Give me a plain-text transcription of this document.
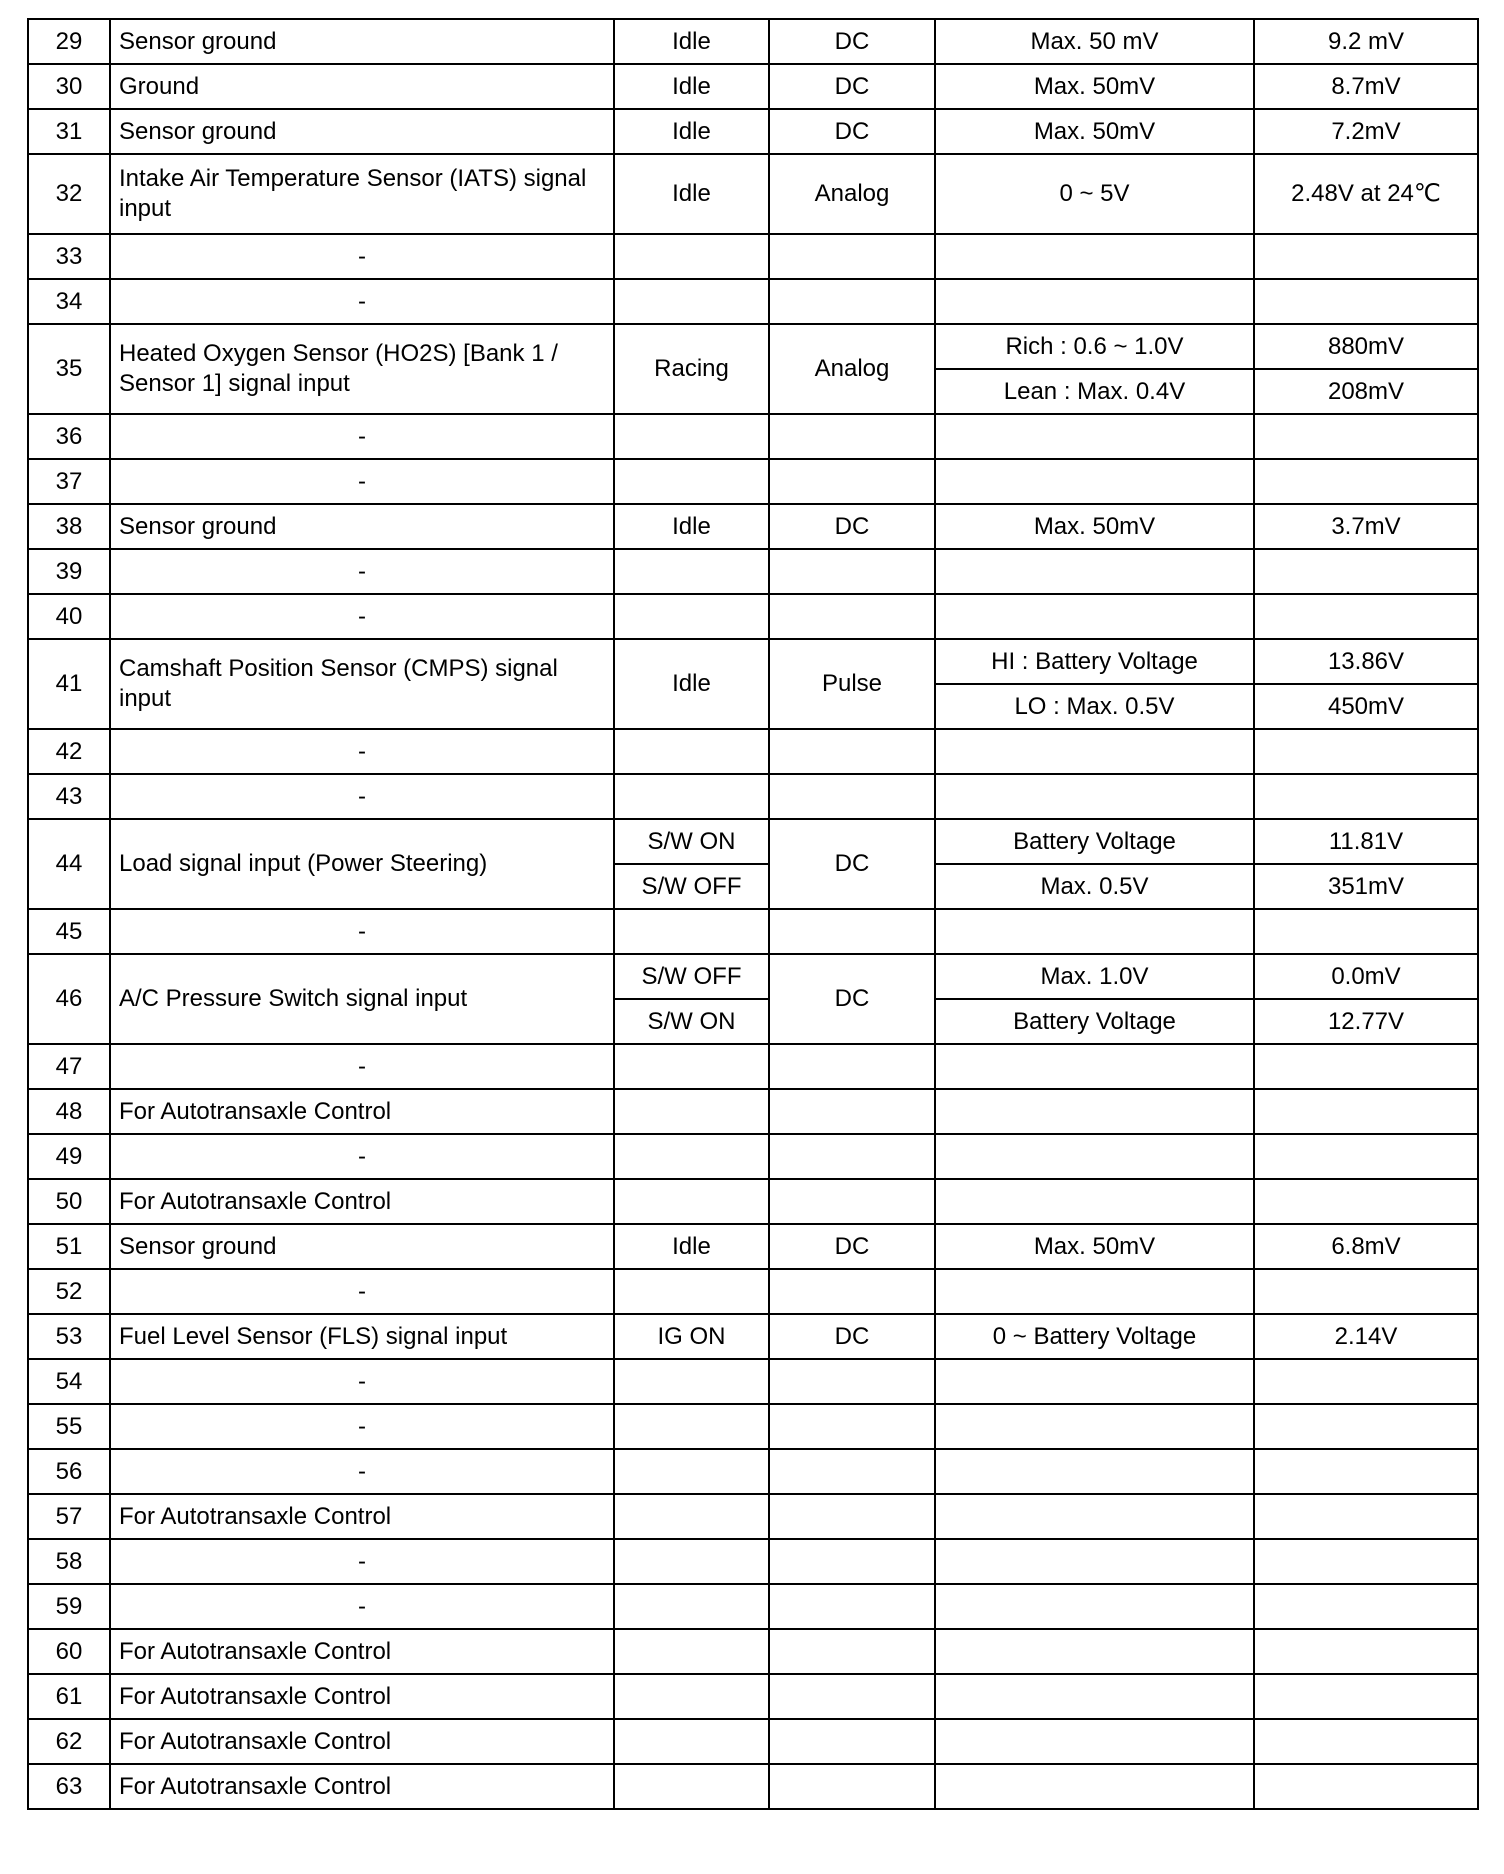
29	Sensor ground	Idle	DC	Max. 50 mV	9.2 mV
30	Ground	Idle	DC	Max. 50mV	8.7mV
31	Sensor ground	Idle	DC	Max. 50mV	7.2mV
32	Intake Air Temperature Sensor (IATS) signal input	Idle	Analog	0 ~ 5V	2.48V at 24℃
33	-				
34	-				
35	Heated Oxygen Sensor (HO2S) [Bank 1 / Sensor 1] signal input	Racing	Analog	Rich : 0.6 ~ 1.0V	880mV
				Lean : Max. 0.4V	208mV
36	-				
37	-				
38	Sensor ground	Idle	DC	Max. 50mV	3.7mV
39	-				
40	-				
41	Camshaft Position Sensor (CMPS) signal input	Idle	Pulse	HI : Battery Voltage	13.86V
				LO : Max. 0.5V	450mV
42	-				
43	-				
44	Load signal input (Power Steering)	S/W ON	DC	Battery Voltage	11.81V
		S/W OFF		Max. 0.5V	351mV
45	-				
46	A/C Pressure Switch signal input	S/W OFF	DC	Max. 1.0V	0.0mV
		S/W ON		Battery Voltage	12.77V
47	-				
48	For Autotransaxle Control				
49	-				
50	For Autotransaxle Control				
51	Sensor ground	Idle	DC	Max. 50mV	6.8mV
52	-				
53	Fuel Level Sensor (FLS) signal input	IG ON	DC	0 ~ Battery Voltage	2.14V
54	-				
55	-				
56	-				
57	For Autotransaxle Control				
58	-				
59	-				
60	For Autotransaxle Control				
61	For Autotransaxle Control				
62	For Autotransaxle Control				
63	For Autotransaxle Control				
